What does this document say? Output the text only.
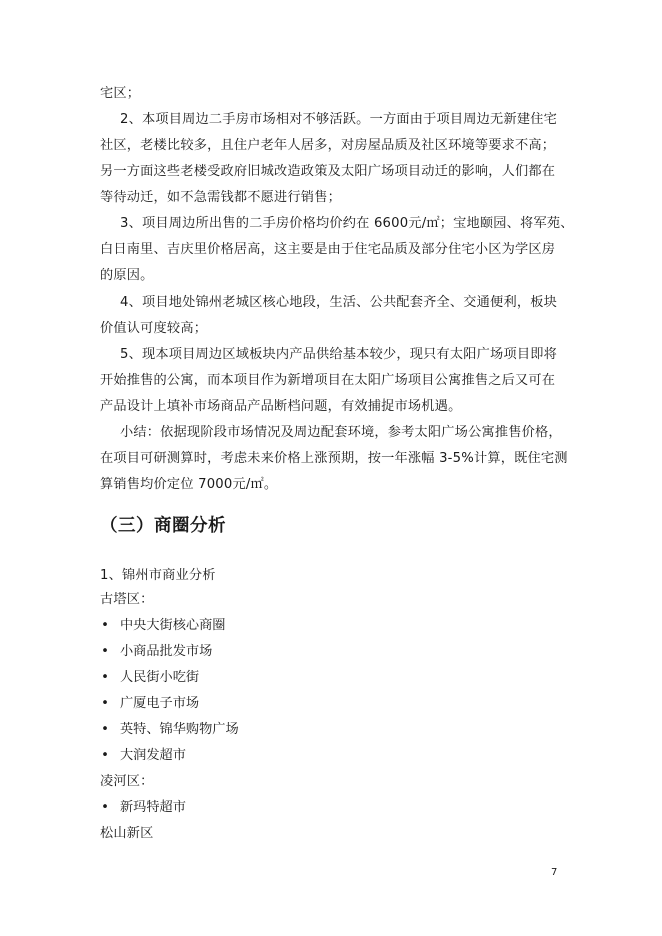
宅区；
2、本项目周边二手房市场相对不够活跃。一方面由于项目周边无新建住宅
社区，老楼比较多，且住户老年人居多，对房屋品质及社区环境等要求不高；
另一方面这些老楼受政府旧城改造政策及太阳广场项目动迁的影响，人们都在
等待动迁，如不急需钱都不愿进行销售；
3、项目周边所出售的二手房价格均价约在 6600元/㎡；宝地颐园、将军苑、
白日南里、吉庆里价格居高，这主要是由于住宅品质及部分住宅小区为学区房
的原因。
4、项目地处锦州老城区核心地段，生活、公共配套齐全、交通便利，板块
价值认可度较高；
5、现本项目周边区域板块内产品供给基本较少，现只有太阳广场项目即将
开始推售的公寓，而本项目作为新增项目在太阳广场项目公寓推售之后又可在
产品设计上填补市场商品产品断档问题，有效捕捉市场机遇。
小结：依据现阶段市场情况及周边配套环境，参考太阳广场公寓推售价格，
在项目可研测算时，考虑未来价格上涨预期，按一年涨幅 3-5%计算，既住宅测
算销售均价定位 7000元/㎡。
（三）商圈分析
1、锦州市商业分析
古塔区：
• 中央大街核心商圈
• 小商品批发市场
• 人民街小吃街
• 广厦电子市场
• 英特、锦华购物广场
• 大润发超市
凌河区：
• 新玛特超市
松山新区
7
